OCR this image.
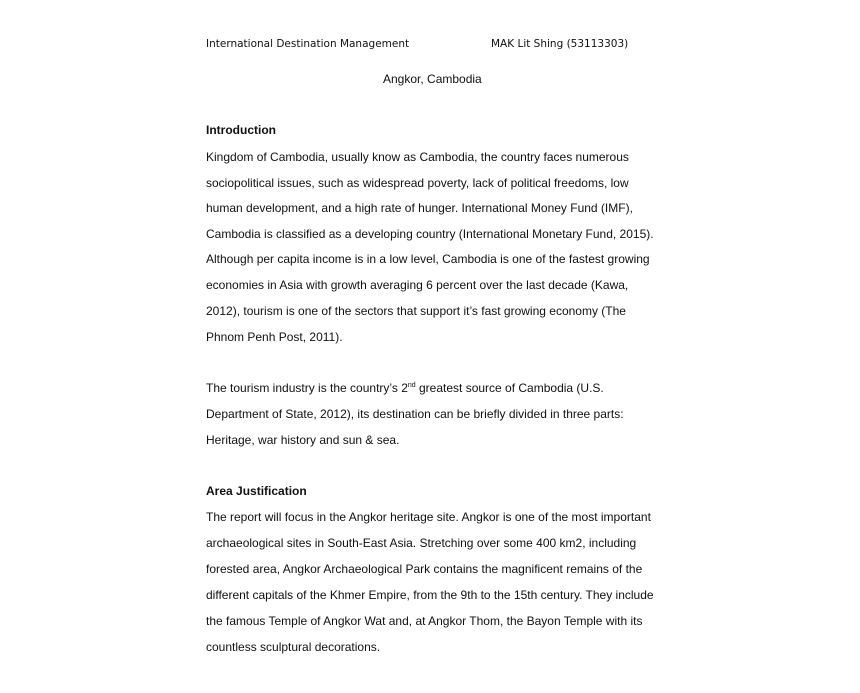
International Destination Management	MAK Lit Shing (53113303)
Angkor, Cambodia
Introduction
Kingdom of Cambodia, usually know as Cambodia, the country faces numerous
sociopolitical issues, such as widespread poverty, lack of political freedoms, low
human development, and a high rate of hunger. International Money Fund (IMF),
Cambodia is classified as a developing country (International Monetary Fund, 2015).
Although per capita income is in a low level, Cambodia is one of the fastest growing
economies in Asia with growth averaging 6 percent over the last decade (Kawa,
2012), tourism is one of the sectors that support it’s fast growing economy (The
Phnom Penh Post, 2011).
The tourism industry is the country’s 2nd greatest source of Cambodia (U.S.
Department of State, 2012), its destination can be briefly divided in three parts:
Heritage, war history and sun & sea.
Area Justification
The report will focus in the Angkor heritage site. Angkor is one of the most important
archaeological sites in South-East Asia. Stretching over some 400 km2, including
forested area, Angkor Archaeological Park contains the magnificent remains of the
different capitals of the Khmer Empire, from the 9th to the 15th century. They include
the famous Temple of Angkor Wat and, at Angkor Thom, the Bayon Temple with its
countless sculptural decorations.
